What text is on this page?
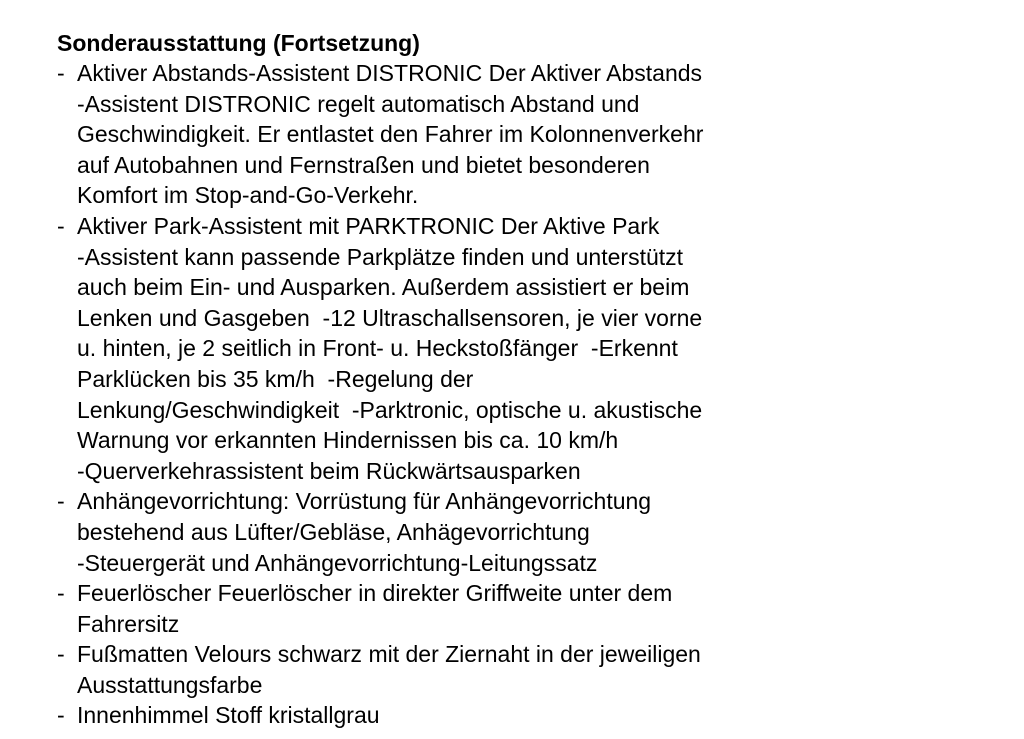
Sonderausstattung (Fortsetzung)
- Aktiver Abstands-Assistent DISTRONIC Der Aktiver Abstands
-Assistent DISTRONIC regelt automatisch Abstand und
Geschwindigkeit. Er entlastet den Fahrer im Kolonnenverkehr
auf Autobahnen und Fernstraßen und bietet besonderen
Komfort im Stop-and-Go-Verkehr.
- Aktiver Park-Assistent mit PARKTRONIC Der Aktive Park
-Assistent kann passende Parkplätze finden und unterstützt
auch beim Ein- und Ausparken. Außerdem assistiert er beim
Lenken und Gasgeben  -12 Ultraschallsensoren, je vier vorne
u. hinten, je 2 seitlich in Front- u. Heckstoßfänger  -Erkennt
Parklücken bis 35 km/h  -Regelung der
Lenkung/Geschwindigkeit  -Parktronic, optische u. akustische
Warnung vor erkannten Hindernissen bis ca. 10 km/h
-Querverkehrassistent beim Rückwärtsausparken
- Anhängevorrichtung: Vorrüstung für Anhängevorrichtung
bestehend aus Lüfter/Gebläse, Anhägevorrichtung
-Steuergerät und Anhängevorrichtung-Leitungssatz
- Feuerlöscher Feuerlöscher in direkter Griffweite unter dem
Fahrersitz
- Fußmatten Velours schwarz mit der Ziernaht in der jeweiligen
Ausstattungsfarbe
- Innenhimmel Stoff kristallgrau
